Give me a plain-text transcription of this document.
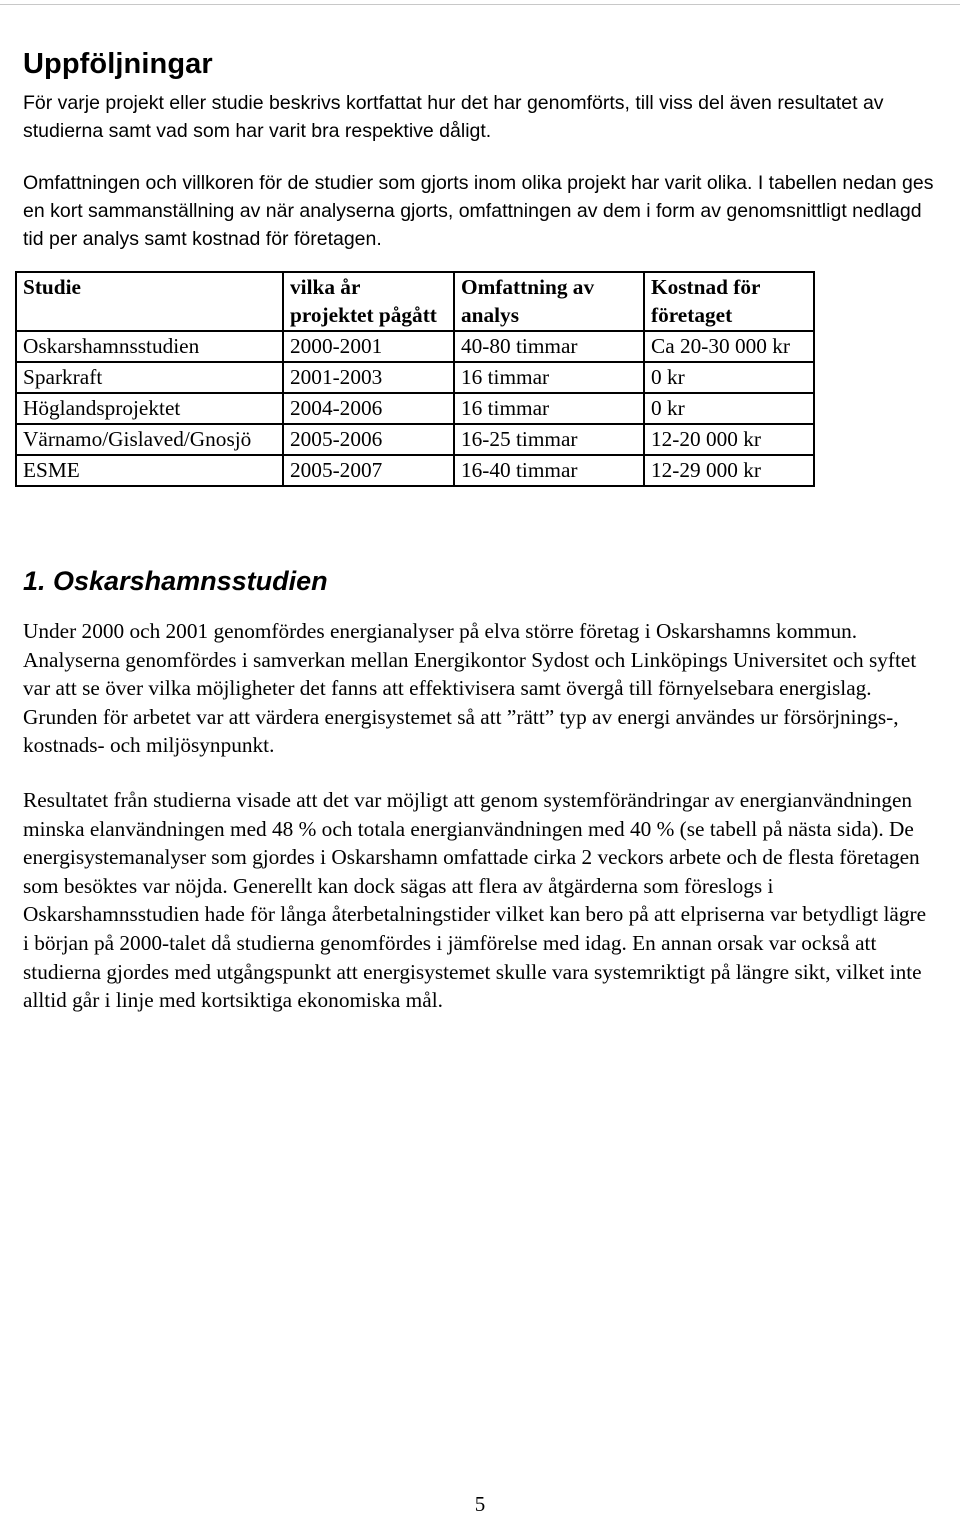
Uppföljningar

För varje projekt eller studie beskrivs kortfattat hur det har genomförts, till viss del även resultatet av studierna samt vad som har varit bra respektive dåligt.

Omfattningen och villkoren för de studier som gjorts inom olika projekt har varit olika. I tabellen nedan ges en kort sammanställning av när analyserna gjorts, omfattningen av dem i form av genomsnittligt nedlagd tid per analys samt kostnad för företagen.

Studie	vilka år projektet pågått	Omfattning av analys	Kostnad för företaget
Oskarshamnsstudien	2000-2001	40-80 timmar	Ca 20-30 000 kr
Sparkraft	2001-2003	16 timmar	0 kr
Höglandsprojektet	2004-2006	16 timmar	0 kr
Värnamo/Gislaved/Gnosjö	2005-2006	16-25 timmar	12-20 000 kr
ESME	2005-2007	16-40 timmar	12-29 000 kr
1. Oskarshamnsstudien

Under 2000 och 2001 genomfördes energianalyser på elva större företag i Oskarshamns kommun. Analyserna genomfördes i samverkan mellan Energikontor Sydost och Linköpings Universitet och syftet var att se över vilka möjligheter det fanns att effektivisera samt övergå till förnyelsebara energislag. Grunden för arbetet var att värdera energisystemet så att ”rätt” typ av energi användes ur försörjnings-, kostnads- och miljösynpunkt.

Resultatet från studierna visade att det var möjligt att genom systemförändringar av energianvändningen minska elanvändningen med 48 % och totala energianvändningen med 40 % (se tabell på nästa sida). De energisystemanalyser som gjordes i Oskarshamn omfattade cirka 2 veckors arbete och de flesta företagen som besöktes var nöjda. Generellt kan dock sägas att flera av åtgärderna som föreslogs i Oskarshamnsstudien hade för långa återbetalningstider vilket kan bero på att elpriserna var betydligt lägre i början på 2000-talet då studierna genomfördes i jämförelse med idag. En annan orsak var också att studierna gjordes med utgångspunkt att energisystemet skulle vara systemriktigt på längre sikt, vilket inte alltid går i linje med kortsiktiga ekonomiska mål.

5
